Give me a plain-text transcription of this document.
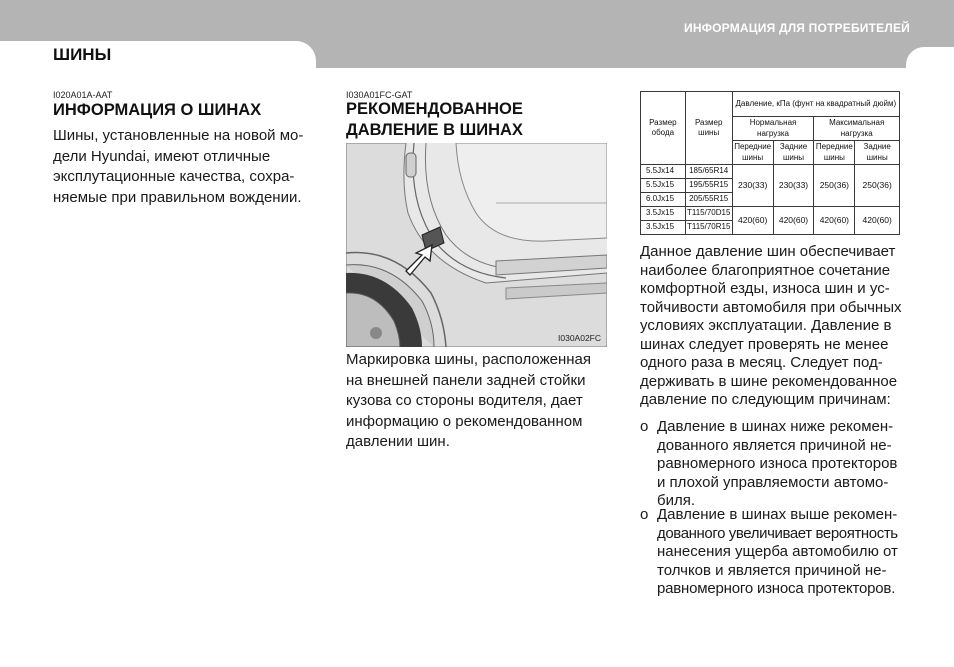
ИНФОРМАЦИЯ ДЛЯ ПОТРЕБИТЕЛЕЙ
ШИНЫ
I020A01A-AAT
ИНФОРМАЦИЯ О ШИНАХ
Шины, установленные на новой мо-
дели Hyundai, имеют отличные
эксплутационные качества, сохра-
няемые при правильном вождении.
I030A01FC-GAT
РЕКОМЕНДОВАННОЕ
ДАВЛЕНИЕ В ШИНАХ
I030A02FC
Маркировка шины, расположенная
на внешней панели задней стойки
кузова со стороны водителя, дает
информацию о рекомендованном
давлении шин.
Размер обода	Размер шины	Давление, кПа (фунт на квадратный дюйм)			
		Нормальная нагрузка		Максимальная нагрузка	
		Передние шины	Задние шины	Передние шины	Задние шины
5.5Jx14	185/65R14	230(33)	230(33)	250(36)	250(36)
5.5Jx15	195/55R15				
6.0Jx15	205/55R15				
3.5Jx15	T115/70D15	420(60)	420(60)	420(60)	420(60)
3.5Jx15	T115/70R15				
Данное давление шин обеспечивает
наиболее благоприятное сочетание
комфортной езды, износа шин и ус-
тойчивости автомобиля при обычных
условиях эксплуатации. Давление в
шинах следует проверять не менее
одного раза в месяц. Следует под-
держивать в шине рекомендованное
давление по следующим причинам:
o Давление в шинах ниже рекомен-
дованного является причиной не-
равномерного износа протекторов
и плохой управляемости автомо-
биля.
o Давление в шинах выше рекомен-
дованного увеличивает вероятность
нанесения ущерба автомобилю от
толчков и является причиной не-
равномерного износа протекторов.
